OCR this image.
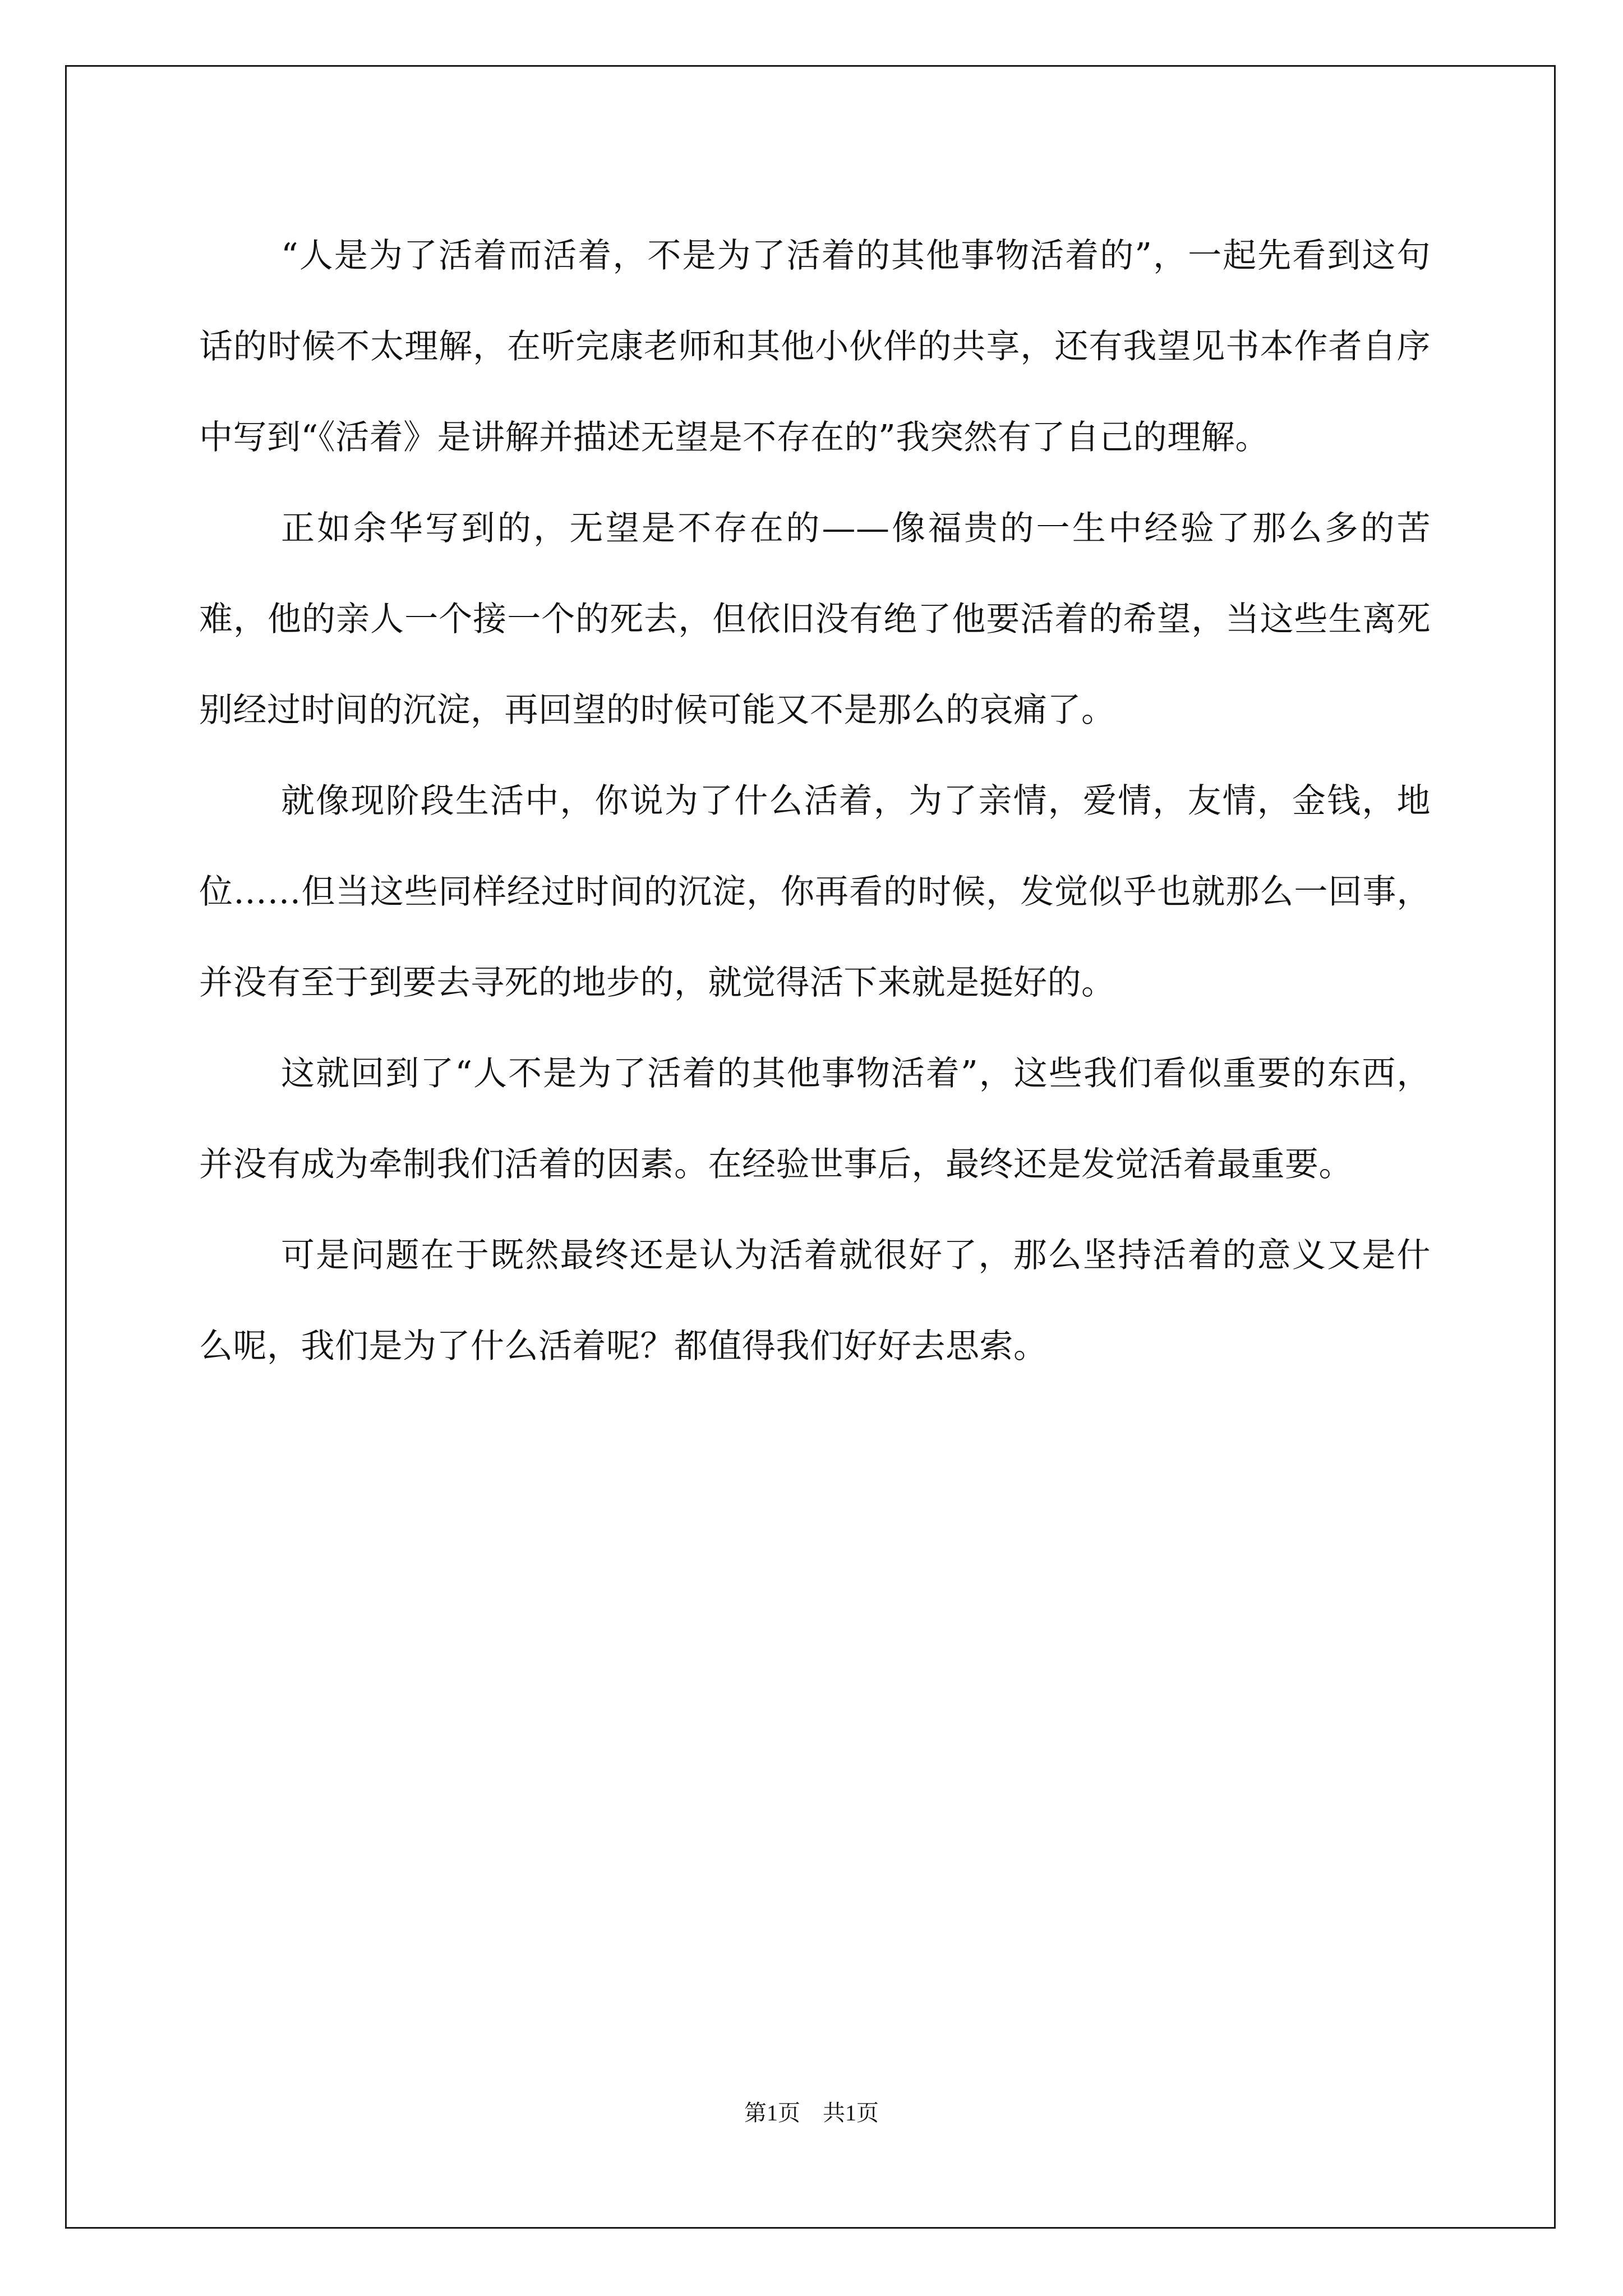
“人是为了活着而活着，不是为了活着的其他事物活着的”，一起先看到这句话的时候不太理解，在听完康老师和其他小伙伴的共享，还有我望见书本作者自序中写到“《活着》是讲解并描述无望是不存在的”我突然有了自己的理解。

正如余华写到的，无望是不存在的——像福贵的一生中经验了那么多的苦难，他的亲人一个接一个的死去，但依旧没有绝了他要活着的希望，当这些生离死别经过时间的沉淀，再回望的时候可能又不是那么的哀痛了。

就像现阶段生活中，你说为了什么活着，为了亲情，爱情，友情，金钱，地位……但当这些同样经过时间的沉淀，你再看的时候，发觉似乎也就那么一回事，并没有至于到要去寻死的地步的，就觉得活下来就是挺好的。

这就回到了“人不是为了活着的其他事物活着”，这些我们看似重要的东西，并没有成为牵制我们活着的因素。在经验世事后，最终还是发觉活着最重要。

可是问题在于既然最终还是认为活着就很好了，那么坚持活着的意义又是什么呢，我们是为了什么活着呢？都值得我们好好去思索。

第1页　共1页
